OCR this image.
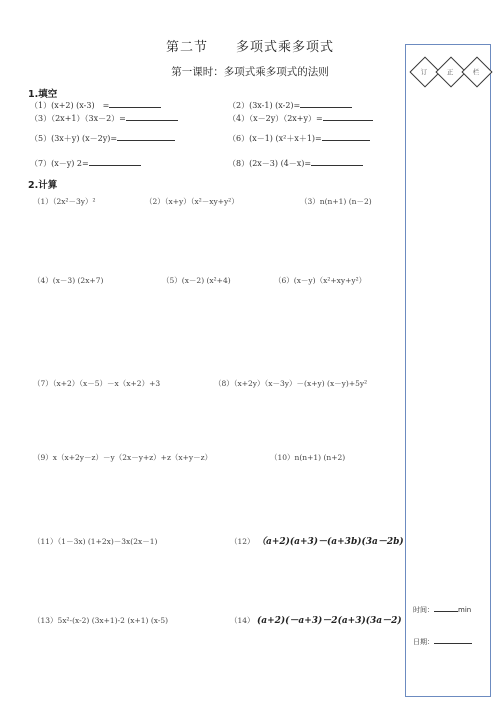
第二节　　多项式乘多项式
第一课时：多项式乘多项式的法则
1.填空
（1）(x+2) (x-3)　=	（2）(3x-1) (x-2)=
（3）（2x+1）（3x－2）=	（4）（x－2y）（2x+y）=
（5）(3x＋y) (x－2y)=	（6）(x－1) (x²＋x＋1)=
（7）(x－y) 2=	（8）(2x－3) (4－x)=
2.计算
（1）（2x²－3y）²	（2）（x+y）（x²－xy+y²）	（3）n(n+1) (n－2)
（4）(x－3) (2x+7)	（5）(x－2) (x²+4)	（6）(x－y)（x²+xy+y²）
（7）（x+2）（x－5）－x（x+2）+3	（8）（x+2y）（x－3y）－(x+y) (x－y)+5y²
（9）x（x+2y－z）－y（2x－y+z）+z（x+y－z）	（10）n(n+1) (n+2)
（11）（1－3x) (1+2x)－3x(2x－1)	（12） （a+2)(a+3)－(a+3b)(3a－2b)
（13）5x²-(x-2) (3x+1)-2 (x+1) (x-5)	（14） (a+2)(－a+3)－2(a+3)(3a－2)
订	正	栏
时间：	min
日期：
